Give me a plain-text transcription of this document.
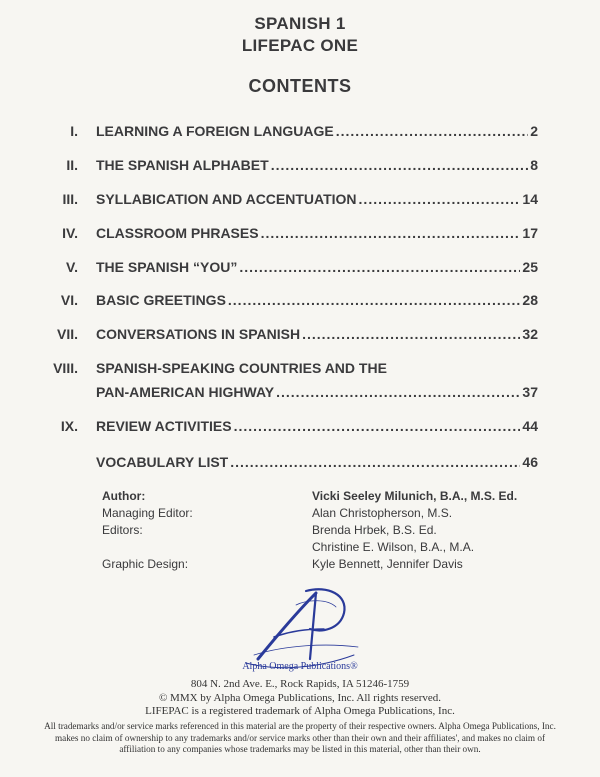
SPANISH 1
LIFEPAC ONE
CONTENTS
I. LEARNING A FOREIGN LANGUAGE .....	2
II. THE SPANISH ALPHABET .....	8
III. SYLLABICATION AND ACCENTUATION .....	14
IV. CLASSROOM PHRASES .....	17
V. THE SPANISH “YOU” .....	25
VI. BASIC GREETINGS .....	28
VII. CONVERSATIONS IN SPANISH .....	32
VIII. SPANISH-SPEAKING COUNTRIES AND THE
PAN-AMERICAN HIGHWAY .....	37
IX. REVIEW ACTIVITIES .....	44
VOCABULARY LIST .....	46
Author:	Vicki Seeley Milunich, B.A., M.S. Ed.
Managing Editor:	Alan Christopherson, M.S.
Editors:	Brenda Hrbek, B.S. Ed.
Christine E. Wilson, B.A., M.A.
Graphic Design:	Kyle Bennett, Jennifer Davis
Alpha Omega Publications®
804 N. 2nd Ave. E., Rock Rapids, IA 51246-1759
© MMX by Alpha Omega Publications, Inc. All rights reserved.
LIFEPAC is a registered trademark of Alpha Omega Publications, Inc.
All trademarks and/or service marks referenced in this material are the property of their respective owners. Alpha Omega Publications, Inc.
makes no claim of ownership to any trademarks and/or service marks other than their own and their affiliates', and makes no claim of
affiliation to any companies whose trademarks may be listed in this material, other than their own.
